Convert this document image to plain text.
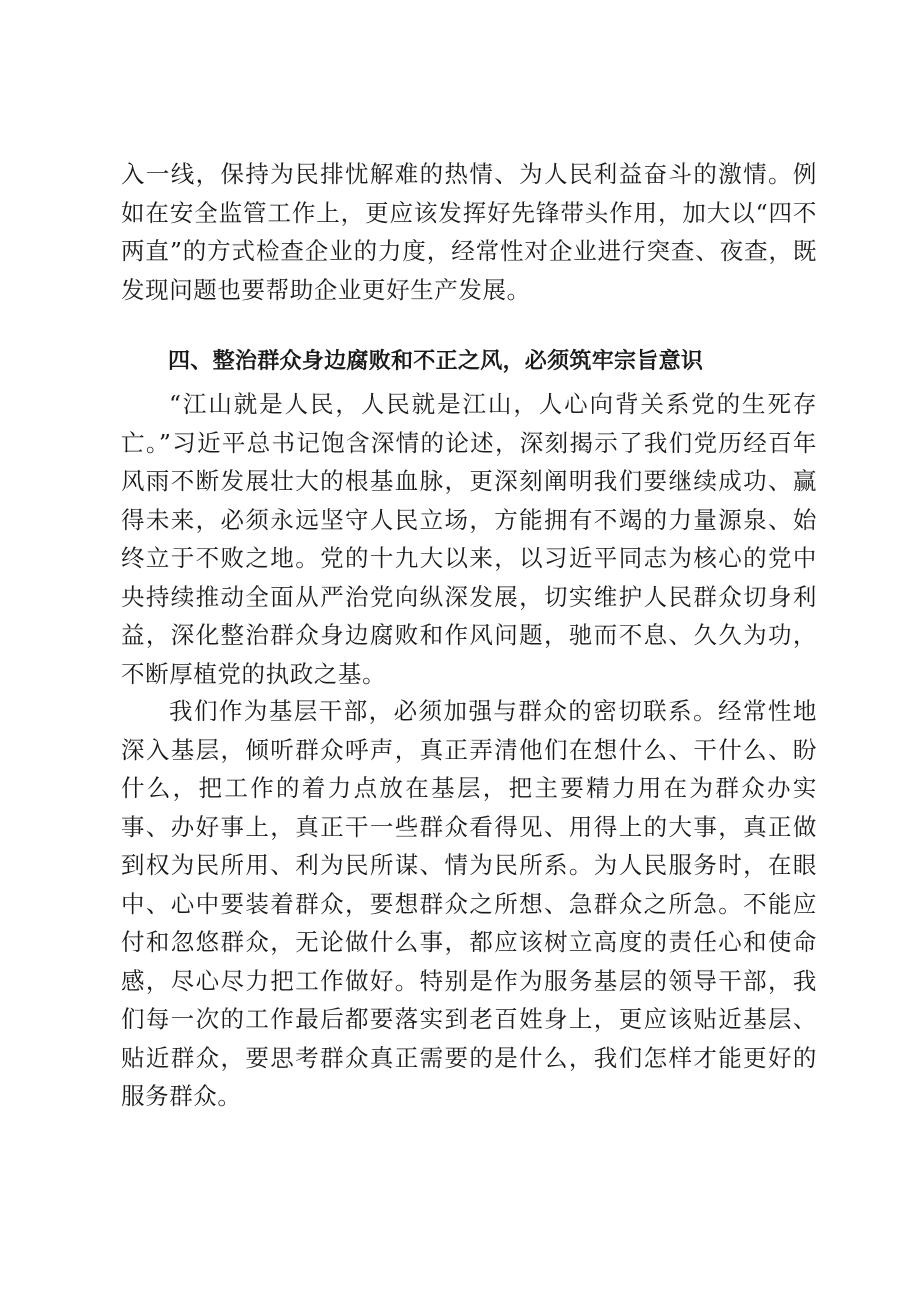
入一线，保持为民排忧解难的热情、为人民利益奋斗的激情。例如在安全监管工作上，更应该发挥好先锋带头作用，加大以“四不两直”的方式检查企业的力度，经常性对企业进行突查、夜查，既发现问题也要帮助企业更好生产发展。

四、整治群众身边腐败和不正之风，必须筑牢宗旨意识

“江山就是人民，人民就是江山，人心向背关系党的生死存亡。”习近平总书记饱含深情的论述，深刻揭示了我们党历经百年风雨不断发展壮大的根基血脉，更深刻阐明我们要继续成功、赢得未来，必须永远坚守人民立场，方能拥有不竭的力量源泉、始终立于不败之地。党的十九大以来，以习近平同志为核心的党中央持续推动全面从严治党向纵深发展，切实维护人民群众切身利益，深化整治群众身边腐败和作风问题，驰而不息、久久为功，不断厚植党的执政之基。

我们作为基层干部，必须加强与群众的密切联系。经常性地深入基层，倾听群众呼声，真正弄清他们在想什么、干什么、盼什么，把工作的着力点放在基层，把主要精力用在为群众办实事、办好事上，真正干一些群众看得见、用得上的大事，真正做到权为民所用、利为民所谋、情为民所系。为人民服务时，在眼中、心中要装着群众，要想群众之所想、急群众之所急。不能应付和忽悠群众，无论做什么事，都应该树立高度的责任心和使命感，尽心尽力把工作做好。特别是作为服务基层的领导干部，我们每一次的工作最后都要落实到老百姓身上，更应该贴近基层、贴近群众，要思考群众真正需要的是什么，我们怎样才能更好的服务群众。
